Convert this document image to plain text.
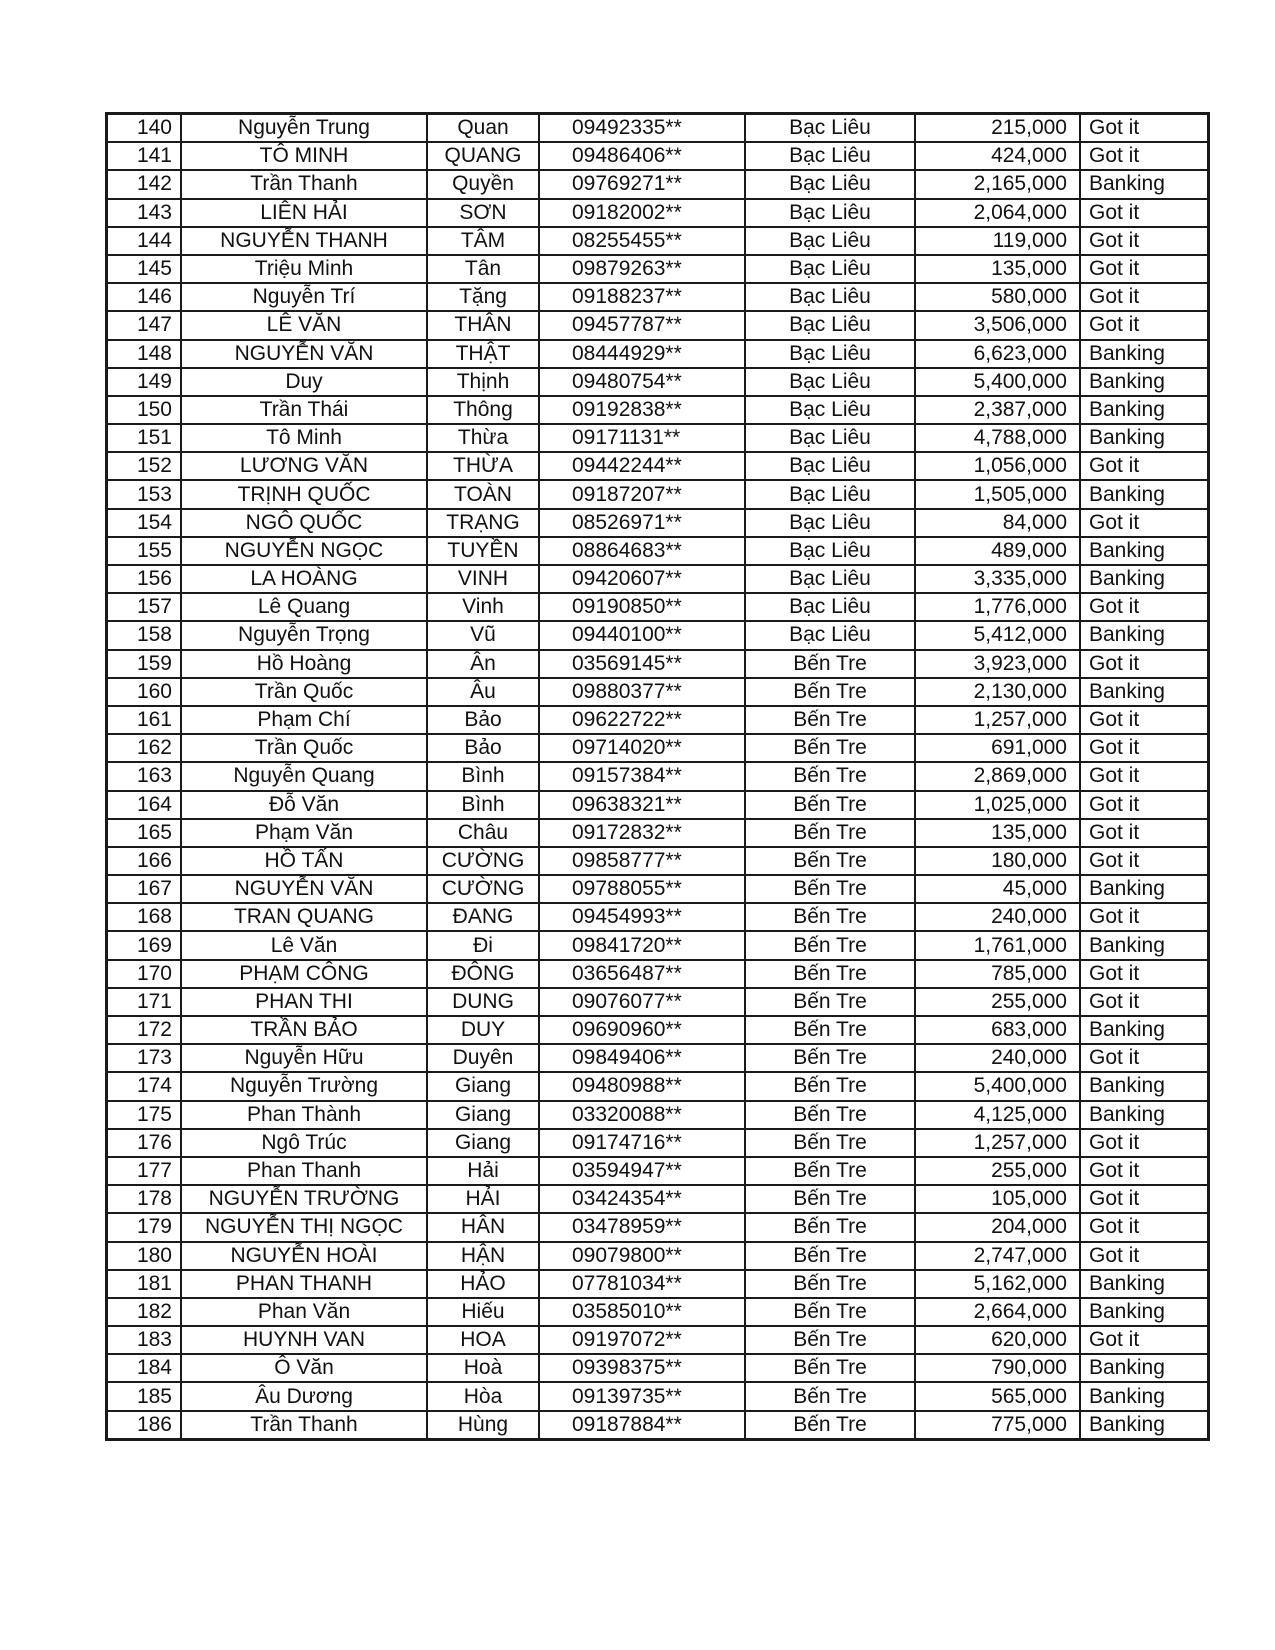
140	Nguyễn Trung	Quan	09492335**	Bạc Liêu	215,000	Got it
141	TÔ MINH	QUANG	09486406**	Bạc Liêu	424,000	Got it
142	Trần Thanh	Quyền	09769271**	Bạc Liêu	2,165,000	Banking
143	LIÊN HẢI	SƠN	09182002**	Bạc Liêu	2,064,000	Got it
144	NGUYỄN THANH	TÂM	08255455**	Bạc Liêu	119,000	Got it
145	Triệu Minh	Tân	09879263**	Bạc Liêu	135,000	Got it
146	Nguyễn Trí	Tặng	09188237**	Bạc Liêu	580,000	Got it
147	LÊ VĂN	THÂN	09457787**	Bạc Liêu	3,506,000	Got it
148	NGUYỄN VĂN	THẬT	08444929**	Bạc Liêu	6,623,000	Banking
149	Duy	Thịnh	09480754**	Bạc Liêu	5,400,000	Banking
150	Trần Thái	Thông	09192838**	Bạc Liêu	2,387,000	Banking
151	Tô Minh	Thừa	09171131**	Bạc Liêu	4,788,000	Banking
152	LƯƠNG VĂN	THỪA	09442244**	Bạc Liêu	1,056,000	Got it
153	TRỊNH QUỐC	TOÀN	09187207**	Bạc Liêu	1,505,000	Banking
154	NGÔ QUỐC	TRẠNG	08526971**	Bạc Liêu	84,000	Got it
155	NGUYỄN NGỌC	TUYỀN	08864683**	Bạc Liêu	489,000	Banking
156	LA HOÀNG	VINH	09420607**	Bạc Liêu	3,335,000	Banking
157	Lê Quang	Vinh	09190850**	Bạc Liêu	1,776,000	Got it
158	Nguyễn Trọng	Vũ	09440100**	Bạc Liêu	5,412,000	Banking
159	Hồ Hoàng	Ân	03569145**	Bến Tre	3,923,000	Got it
160	Trần Quốc	Âu	09880377**	Bến Tre	2,130,000	Banking
161	Phạm Chí	Bảo	09622722**	Bến Tre	1,257,000	Got it
162	Trần Quốc	Bảo	09714020**	Bến Tre	691,000	Got it
163	Nguyễn Quang	Bình	09157384**	Bến Tre	2,869,000	Got it
164	Đỗ Văn	Bình	09638321**	Bến Tre	1,025,000	Got it
165	Phạm Văn	Châu	09172832**	Bến Tre	135,000	Got it
166	HỒ TẤN	CƯỜNG	09858777**	Bến Tre	180,000	Got it
167	NGUYỄN VĂN	CƯỜNG	09788055**	Bến Tre	45,000	Banking
168	TRAN QUANG	ĐANG	09454993**	Bến Tre	240,000	Got it
169	Lê Văn	Đi	09841720**	Bến Tre	1,761,000	Banking
170	PHẠM CÔNG	ĐÔNG	03656487**	Bến Tre	785,000	Got it
171	PHAN THI	DUNG	09076077**	Bến Tre	255,000	Got it
172	TRẦN BẢO	DUY	09690960**	Bến Tre	683,000	Banking
173	Nguyễn Hữu	Duyên	09849406**	Bến Tre	240,000	Got it
174	Nguyễn Trường	Giang	09480988**	Bến Tre	5,400,000	Banking
175	Phan Thành	Giang	03320088**	Bến Tre	4,125,000	Banking
176	Ngô Trúc	Giang	09174716**	Bến Tre	1,257,000	Got it
177	Phan Thanh	Hải	03594947**	Bến Tre	255,000	Got it
178	NGUYỄN TRƯỜNG	HẢI	03424354**	Bến Tre	105,000	Got it
179	NGUYỄN THỊ NGỌC	HÂN	03478959**	Bến Tre	204,000	Got it
180	NGUYỄN HOÀI	HẬN	09079800**	Bến Tre	2,747,000	Got it
181	PHAN THANH	HẢO	07781034**	Bến Tre	5,162,000	Banking
182	Phan Văn	Hiếu	03585010**	Bến Tre	2,664,000	Banking
183	HUYNH VAN	HOA	09197072**	Bến Tre	620,000	Got it
184	Ô Văn	Hoà	09398375**	Bến Tre	790,000	Banking
185	Âu Dương	Hòa	09139735**	Bến Tre	565,000	Banking
186	Trần Thanh	Hùng	09187884**	Bến Tre	775,000	Banking
